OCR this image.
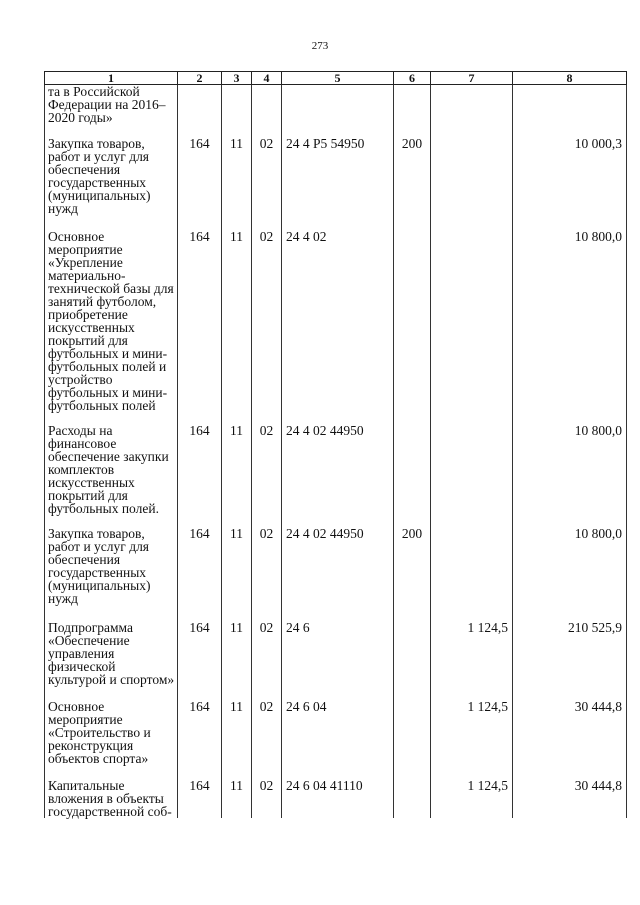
273
1	2	3	4	5	6	7	8
та в Российской Федерации на 2016–2020 годы»							

Закупка товаров, работ и услуг для обеспечения государственных (муниципальных) нужд	164	11	02	24 4 Р5 54950	200		10 000,3

Основное мероприятие «Укрепление материально-технической базы для занятий футболом, приобретение искусственных покрытий для футбольных и мини-футбольных полей и устройство футбольных и мини-футбольных полей	164	11	02	24 4 02			10 800,0

Расходы на финансовое обеспечение закупки комплектов искусственных покрытий для футбольных полей.	164	11	02	24 4 02 44950			10 800,0

Закупка товаров, работ и услуг для обеспечения государственных (муниципальных) нужд	164	11	02	24 4 02 44950	200		10 800,0

Подпрограмма «Обеспечение управления физической культурой и спортом»	164	11	02	24 6		1 124,5	210 525,9

Основное мероприятие «Строительство и реконструкция объектов спорта»	164	11	02	24 6 04		1 124,5	30 444,8

Капитальные вложения в объекты государственной соб-	164	11	02	24 6 04 41110		1 124,5	30 444,8
